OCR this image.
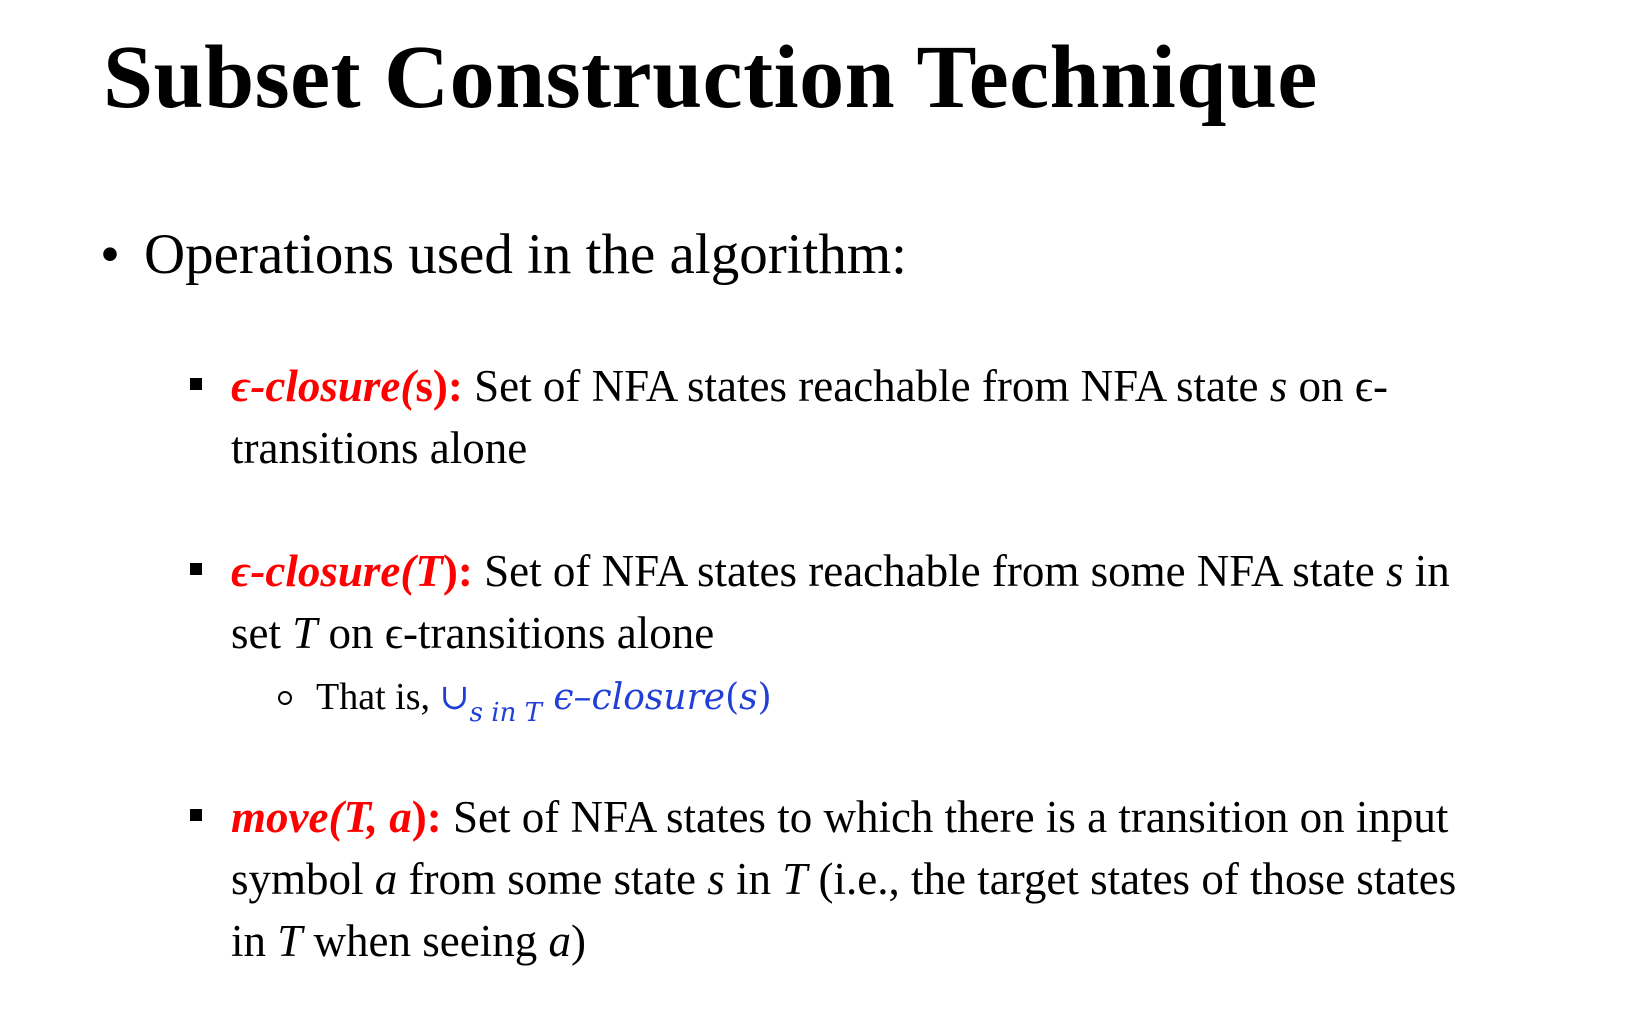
Subset Construction Technique
• Operations used in the algorithm:
ϵ-closure(s): Set of NFA states reachable from NFA state s on ϵ-transitions alone
ϵ-closure(T): Set of NFA states reachable from some NFA state s in set T on ϵ-transitions alone
That is, $\cup_{s in T}$ ϵ–closure(s)
move(T, a): Set of NFA states to which there is a transition on input symbol a from some state s in T (i.e., the target states of those states in T when seeing a)
